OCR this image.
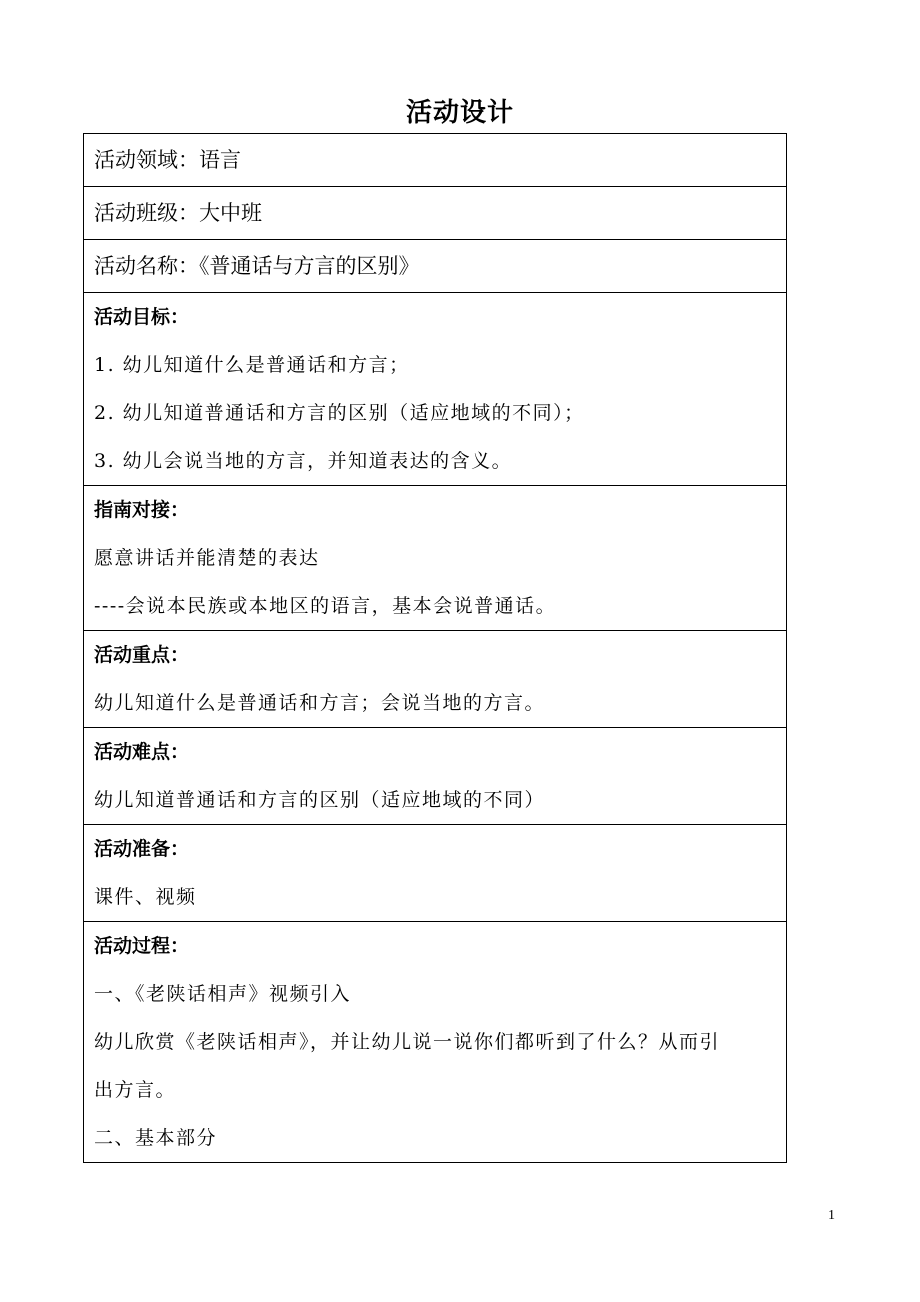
活动设计
活动领域：语言
活动班级：大中班
活动名称：《普通话与方言的区别》
活动目标：
1. 幼儿知道什么是普通话和方言；
2. 幼儿知道普通话和方言的区别（适应地域的不同）；
3. 幼儿会说当地的方言，并知道表达的含义。
指南对接：
愿意讲话并能清楚的表达
----会说本民族或本地区的语言，基本会说普通话。
活动重点：
幼儿知道什么是普通话和方言；会说当地的方言。
活动难点：
幼儿知道普通话和方言的区别（适应地域的不同）
活动准备：
课件、视频
活动过程：
一、《老陕话相声》视频引入
幼儿欣赏《老陕话相声》，并让幼儿说一说你们都听到了什么？从而引
出方言。
二、基本部分
1
